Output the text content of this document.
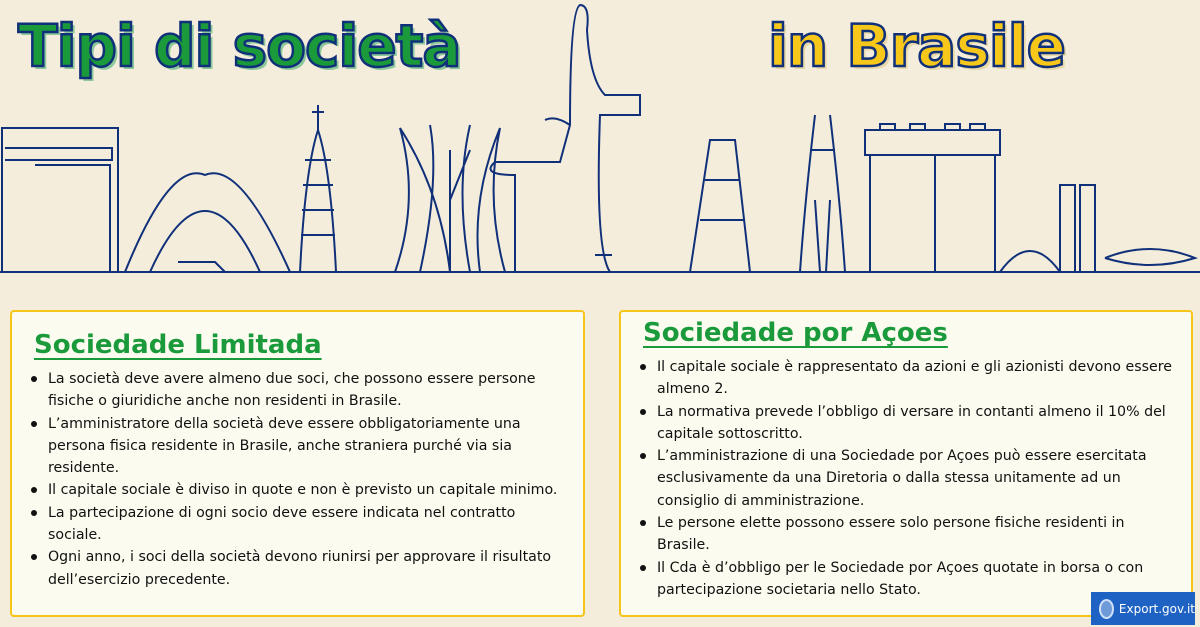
Tipi di società	in Brasile
Sociedade Limitada
La società deve avere almeno due soci, che possono essere persone fisiche o giuridiche anche non residenti in Brasile.
L’amministratore della società deve essere obbligatoriamente una persona fisica residente in Brasile, anche straniera purché via sia residente.
Il capitale sociale è diviso in quote e non è previsto un capitale minimo.
La partecipazione di ogni socio deve essere indicata nel contratto sociale.
Ogni anno, i soci della società devono riunirsi per approvare il risultato dell’esercizio precedente.
Sociedade por Açoes
Il capitale sociale è rappresentato da azioni e gli azionisti devono essere almeno 2.
La normativa prevede l’obbligo di versare in contanti almeno il 10% del capitale sottoscritto.
L’amministrazione di una Sociedade por Açoes può essere esercitata esclusivamente da una Diretoria o dalla stessa unitamente ad un consiglio di amministrazione.
Le persone elette possono essere solo persone fisiche residenti in Brasile.
Il Cda è d’obbligo per le Sociedade por Açoes quotate in borsa o con partecipazione societaria nello Stato.
Export.gov.it
